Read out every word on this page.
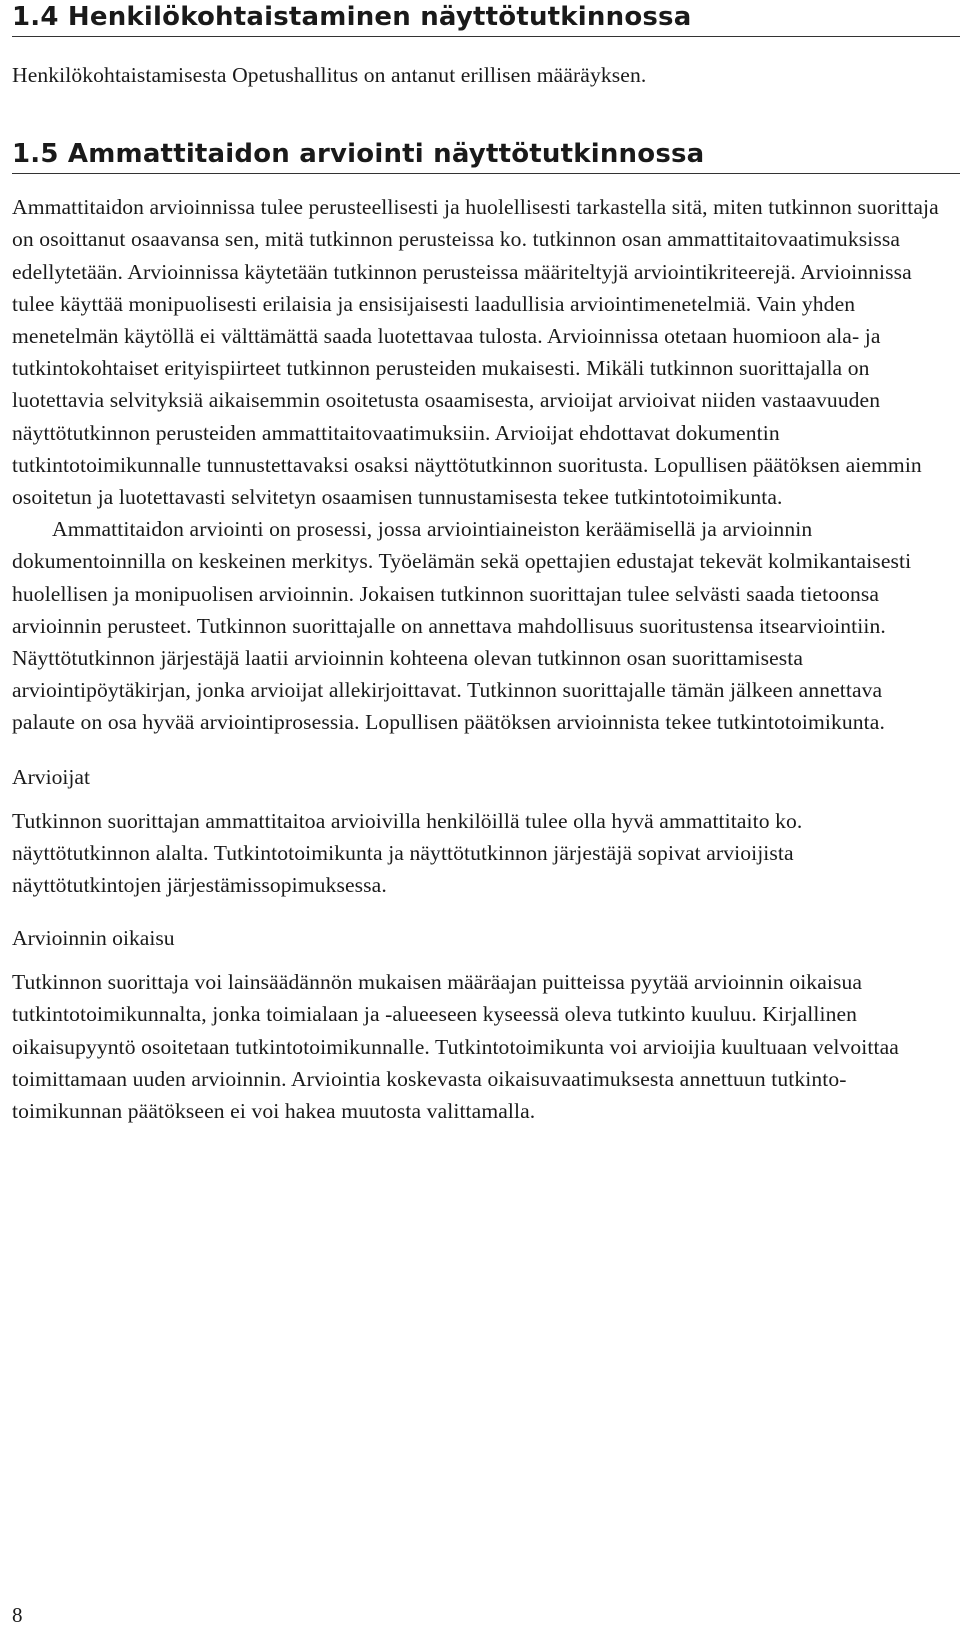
1.4 Henkilökohtaistaminen näyttötutkinnossa

Henkilökohtaistamisesta Opetushallitus on antanut erillisen määräyksen.

1.5 Ammattitaidon arviointi näyttötutkinnossa

Ammattitaidon arvioinnissa tulee perusteellisesti ja huolellisesti tarkastella sitä, miten tutkinnon suorittaja on osoittanut osaavansa sen, mitä tutkinnon perusteissa ko. tutkinnon osan ammattitaitovaatimuksissa edellytetään. Arvioinnissa käytetään tutkinnon perusteissa määriteltyjä arviointikriteerejä. Arvioinnissa tulee käyttää monipuolisesti erilaisia ja ensisijaisesti laadullisia arviointimenetelmiä. Vain yhden menetelmän käytöllä ei välttämättä saada luotettavaa tulosta. Arvioinnissa otetaan huomioon ala- ja tutkintokohtaiset erityispiirteet tutkinnon perusteiden mukaisesti. Mikäli tutkinnon suorittajalla on luotettavia selvityksiä aikaisemmin osoitetusta osaamisesta, arvioijat arvioivat niiden vastaavuuden näyttötutkinnon perusteiden ammattitaitovaatimuksiin. Arvioijat ehdottavat dokumentin tutkintotoimikunnalle tunnustettavaksi osaksi näyttötutkinnon suoritusta. Lopullisen päätöksen aiemmin osoitetun ja luotettavasti selvitetyn osaamisen tunnustamisesta tekee tutkintotoimikunta.

Ammattitaidon arviointi on prosessi, jossa arviointiaineiston keräämisellä ja arvioinnin dokumentoinnilla on keskeinen merkitys. Työelämän sekä opettajien edustajat tekevät kolmikantaisesti huolellisen ja monipuolisen arvioinnin. Jokaisen tutkinnon suorittajan tulee selvästi saada tietoonsa arvioinnin perusteet. Tutkinnon suorittajalle on annettava mahdollisuus suoritustensa itsearviointiin. Näyttötutkinnon järjestäjä laatii arvioinnin kohteena olevan tutkinnon osan suorittamisesta arviointipöytäkirjan, jonka arvioijat allekirjoittavat. Tutkinnon suorittajalle tämän jälkeen annettava palaute on osa hyvää arviointiprosessia. Lopullisen päätöksen arvioinnista tekee tutkintotoimikunta.

Arvioijat

Tutkinnon suorittajan ammattitaitoa arvioivilla henkilöillä tulee olla hyvä ammattitaito ko. näyttötutkinnon alalta. Tutkintotoimikunta ja näyttötutkinnon järjestäjä sopivat arvioijista näyttötutkintojen järjestämissopimuksessa.

Arvioinnin oikaisu

Tutkinnon suorittaja voi lainsäädännön mukaisen määräajan puitteissa pyytää arvioinnin oikaisua tutkintotoimikunnalta, jonka toimialaan ja -alueeseen kyseessä oleva tutkinto kuuluu. Kirjallinen oikaisupyyntö osoitetaan tutkintotoimikunnalle. Tutkintotoimikunta voi arvioijia kuultuaan velvoittaa toimittamaan uuden arvioinnin. Arviointia koskevasta oikaisuvaatimuksesta annettuun tutkintotoimikunnan päätökseen ei voi hakea muutosta valittamalla.

8
